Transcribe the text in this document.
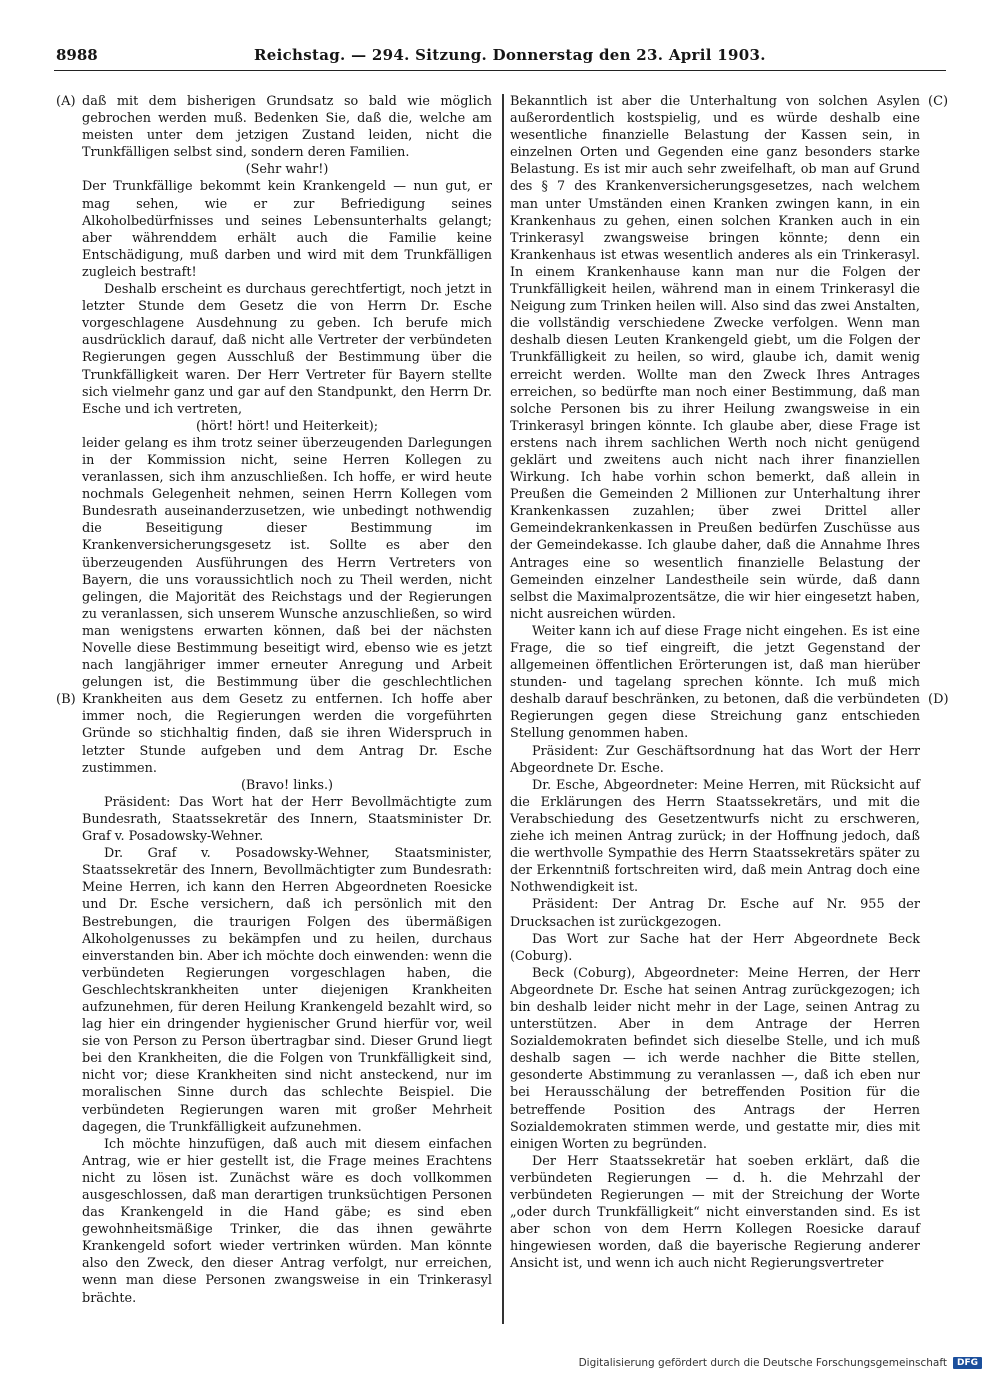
8988	Reichstag. — 294. Sitzung. Donnerstag den 23. April 1903.
(A)
(B)
(C)
(D)

daß mit dem bisherigen Grundsatz so bald wie möglich gebrochen werden muß. Bedenken Sie, daß die, welche am meisten unter dem jetzigen Zustand leiden, nicht die Trunkfälligen selbst sind, sondern deren Familien.

(Sehr wahr!)

Der Trunkfällige bekommt kein Krankengeld — nun gut, er mag sehen, wie er zur Befriedigung seines Alkoholbedürfnisses und seines Lebensunterhalts gelangt; aber währenddem erhält auch die Familie keine Entschädigung, muß darben und wird mit dem Trunkfälligen zugleich bestraft!

Deshalb erscheint es durchaus gerechtfertigt, noch jetzt in letzter Stunde dem Gesetz die von Herrn Dr. Esche vorgeschlagene Ausdehnung zu geben. Ich berufe mich ausdrücklich darauf, daß nicht alle Vertreter der verbündeten Regierungen gegen Ausschluß der Bestimmung über die Trunkfälligkeit waren. Der Herr Vertreter für Bayern stellte sich vielmehr ganz und gar auf den Standpunkt, den Herrn Dr. Esche und ich vertreten,

(hört! hört! und Heiterkeit);

leider gelang es ihm trotz seiner überzeugenden Darlegungen in der Kommission nicht, seine Herren Kollegen zu veranlassen, sich ihm anzuschließen. Ich hoffe, er wird heute nochmals Gelegenheit nehmen, seinen Herrn Kollegen vom Bundesrath auseinanderzusetzen, wie unbedingt nothwendig die Beseitigung dieser Bestimmung im Krankenversicherungsgesetz ist. Sollte es aber den überzeugenden Ausführungen des Herrn Vertreters von Bayern, die uns voraussichtlich noch zu Theil werden, nicht gelingen, die Majorität des Reichstags und der Regierungen zu veranlassen, sich unserem Wunsche anzuschließen, so wird man wenigstens erwarten können, daß bei der nächsten Novelle diese Bestimmung beseitigt wird, ebenso wie es jetzt nach langjähriger immer erneuter Anregung und Arbeit gelungen ist, die Bestimmung über die geschlechtlichen Krankheiten aus dem Gesetz zu entfernen. Ich hoffe aber immer noch, die Regierungen werden die vorgeführten Gründe so stichhaltig finden, daß sie ihren Widerspruch in letzter Stunde aufgeben und dem Antrag Dr. Esche zustimmen.

(Bravo! links.)

Präsident: Das Wort hat der Herr Bevollmächtigte zum Bundesrath, Staatssekretär des Innern, Staatsminister Dr. Graf v. Posadowsky-Wehner.

Dr. Graf v. Posadowsky-Wehner, Staatsminister, Staatssekretär des Innern, Bevollmächtigter zum Bundesrath: Meine Herren, ich kann den Herren Abgeordneten Roesicke und Dr. Esche versichern, daß ich persönlich mit den Bestrebungen, die traurigen Folgen des übermäßigen Alkoholgenusses zu bekämpfen und zu heilen, durchaus einverstanden bin. Aber ich möchte doch einwenden: wenn die verbündeten Regierungen vorgeschlagen haben, die Geschlechtskrankheiten unter diejenigen Krankheiten aufzunehmen, für deren Heilung Krankengeld bezahlt wird, so lag hier ein dringender hygienischer Grund hierfür vor, weil sie von Person zu Person übertragbar sind. Dieser Grund liegt bei den Krankheiten, die die Folgen von Trunkfälligkeit sind, nicht vor; diese Krankheiten sind nicht ansteckend, nur im moralischen Sinne durch das schlechte Beispiel. Die verbündeten Regierungen waren mit großer Mehrheit dagegen, die Trunkfälligkeit aufzunehmen.

Ich möchte hinzufügen, daß auch mit diesem einfachen Antrag, wie er hier gestellt ist, die Frage meines Erachtens nicht zu lösen ist. Zunächst wäre es doch vollkommen ausgeschlossen, daß man derartigen trunksüchtigen Personen das Krankengeld in die Hand gäbe; es sind eben gewohnheitsmäßige Trinker, die das ihnen gewährte Krankengeld sofort wieder vertrinken würden. Man könnte also den Zweck, den dieser Antrag verfolgt, nur erreichen, wenn man diese Personen zwangsweise in ein Trinkerasyl brächte.

Bekanntlich ist aber die Unterhaltung von solchen Asylen außerordentlich kostspielig, und es würde deshalb eine wesentliche finanzielle Belastung der Kassen sein, in einzelnen Orten und Gegenden eine ganz besonders starke Belastung. Es ist mir auch sehr zweifelhaft, ob man auf Grund des § 7 des Krankenversicherungsgesetzes, nach welchem man unter Umständen einen Kranken zwingen kann, in ein Krankenhaus zu gehen, einen solchen Kranken auch in ein Trinkerasyl zwangsweise bringen könnte; denn ein Krankenhaus ist etwas wesentlich anderes als ein Trinkerasyl. In einem Krankenhause kann man nur die Folgen der Trunkfälligkeit heilen, während man in einem Trinkerasyl die Neigung zum Trinken heilen will. Also sind das zwei Anstalten, die vollständig verschiedene Zwecke verfolgen. Wenn man deshalb diesen Leuten Krankengeld giebt, um die Folgen der Trunkfälligkeit zu heilen, so wird, glaube ich, damit wenig erreicht werden. Wollte man den Zweck Ihres Antrages erreichen, so bedürfte man noch einer Bestimmung, daß man solche Personen bis zu ihrer Heilung zwangsweise in ein Trinkerasyl bringen könnte. Ich glaube aber, diese Frage ist erstens nach ihrem sachlichen Werth noch nicht genügend geklärt und zweitens auch nicht nach ihrer finanziellen Wirkung. Ich habe vorhin schon bemerkt, daß allein in Preußen die Gemeinden 2 Millionen zur Unterhaltung ihrer Krankenkassen zuzahlen; über zwei Drittel aller Gemeindekrankenkassen in Preußen bedürfen Zuschüsse aus der Gemeindekasse. Ich glaube daher, daß die Annahme Ihres Antrages eine so wesentlich finanzielle Belastung der Gemeinden einzelner Landestheile sein würde, daß dann selbst die Maximalprozentsätze, die wir hier eingesetzt haben, nicht ausreichen würden.

Weiter kann ich auf diese Frage nicht eingehen. Es ist eine Frage, die so tief eingreift, die jetzt Gegenstand der allgemeinen öffentlichen Erörterungen ist, daß man hierüber stunden- und tagelang sprechen könnte. Ich muß mich deshalb darauf beschränken, zu betonen, daß die verbündeten Regierungen gegen diese Streichung ganz entschieden Stellung genommen haben.

Präsident: Zur Geschäftsordnung hat das Wort der Herr Abgeordnete Dr. Esche.

Dr. Esche, Abgeordneter: Meine Herren, mit Rücksicht auf die Erklärungen des Herrn Staatssekretärs, und mit die Verabschiedung des Gesetzentwurfs nicht zu erschweren, ziehe ich meinen Antrag zurück; in der Hoffnung jedoch, daß die werthvolle Sympathie des Herrn Staatssekretärs später zu der Erkenntniß fortschreiten wird, daß mein Antrag doch eine Nothwendigkeit ist.

Präsident: Der Antrag Dr. Esche auf Nr. 955 der Drucksachen ist zurückgezogen.

Das Wort zur Sache hat der Herr Abgeordnete Beck (Coburg).

Beck (Coburg), Abgeordneter: Meine Herren, der Herr Abgeordnete Dr. Esche hat seinen Antrag zurückgezogen; ich bin deshalb leider nicht mehr in der Lage, seinen Antrag zu unterstützen. Aber in dem Antrage der Herren Sozialdemokraten befindet sich dieselbe Stelle, und ich muß deshalb sagen — ich werde nachher die Bitte stellen, gesonderte Abstimmung zu veranlassen —, daß ich eben nur bei Herausschälung der betreffenden Position für die betreffende Position des Antrags der Herren Sozialdemokraten stimmen werde, und gestatte mir, dies mit einigen Worten zu begründen.

Der Herr Staatssekretär hat soeben erklärt, daß die verbündeten Regierungen — d. h. die Mehrzahl der verbündeten Regierungen — mit der Streichung der Worte „oder durch Trunkfälligkeit“ nicht einverstanden sind. Es ist aber schon von dem Herrn Kollegen Roesicke darauf hingewiesen worden, daß die bayerische Regierung anderer Ansicht ist, und wenn ich auch nicht Regierungsvertreter

Digitalisierung gefördert durch die Deutsche Forschungsgemeinschaft	DFG
